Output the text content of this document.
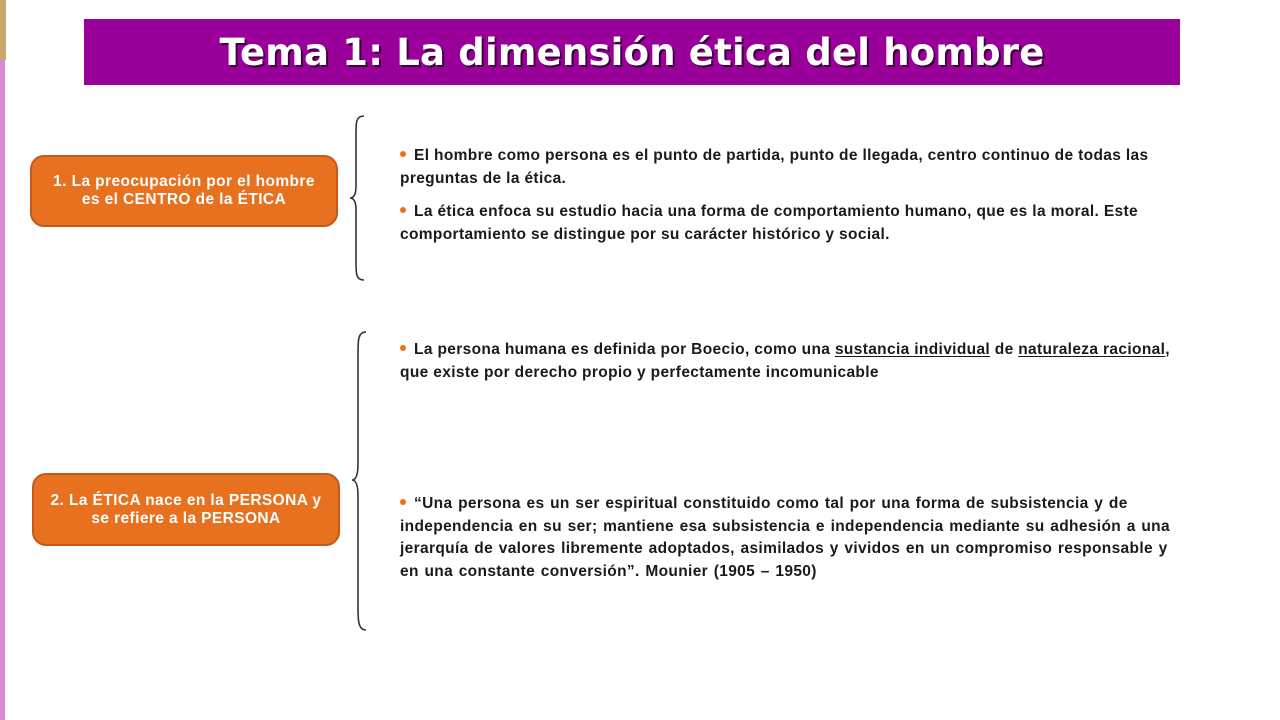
Tema 1: La dimensión ética del hombre
1. La preocupación por el hombre es el CENTRO de la ÉTICA
El hombre como persona es el punto de partida, punto de llegada, centro continuo de todas las preguntas de la ética.
La ética enfoca su estudio hacia una forma de comportamiento humano, que es la moral. Este comportamiento se distingue por su carácter histórico y social.
2. La ÉTICA nace en la PERSONA y se refiere a la PERSONA
La persona humana es definida por Boecio, como una sustancia individual de naturaleza racional, que existe por derecho propio y perfectamente incomunicable
“Una persona es un ser espiritual constituido como tal por una forma de subsistencia y de independencia en su ser; mantiene esa subsistencia e independencia mediante su adhesión a una jerarquía de valores libremente adoptados, asimilados y vividos en un compromiso responsable y en una constante conversión”. Mounier (1905 – 1950)
